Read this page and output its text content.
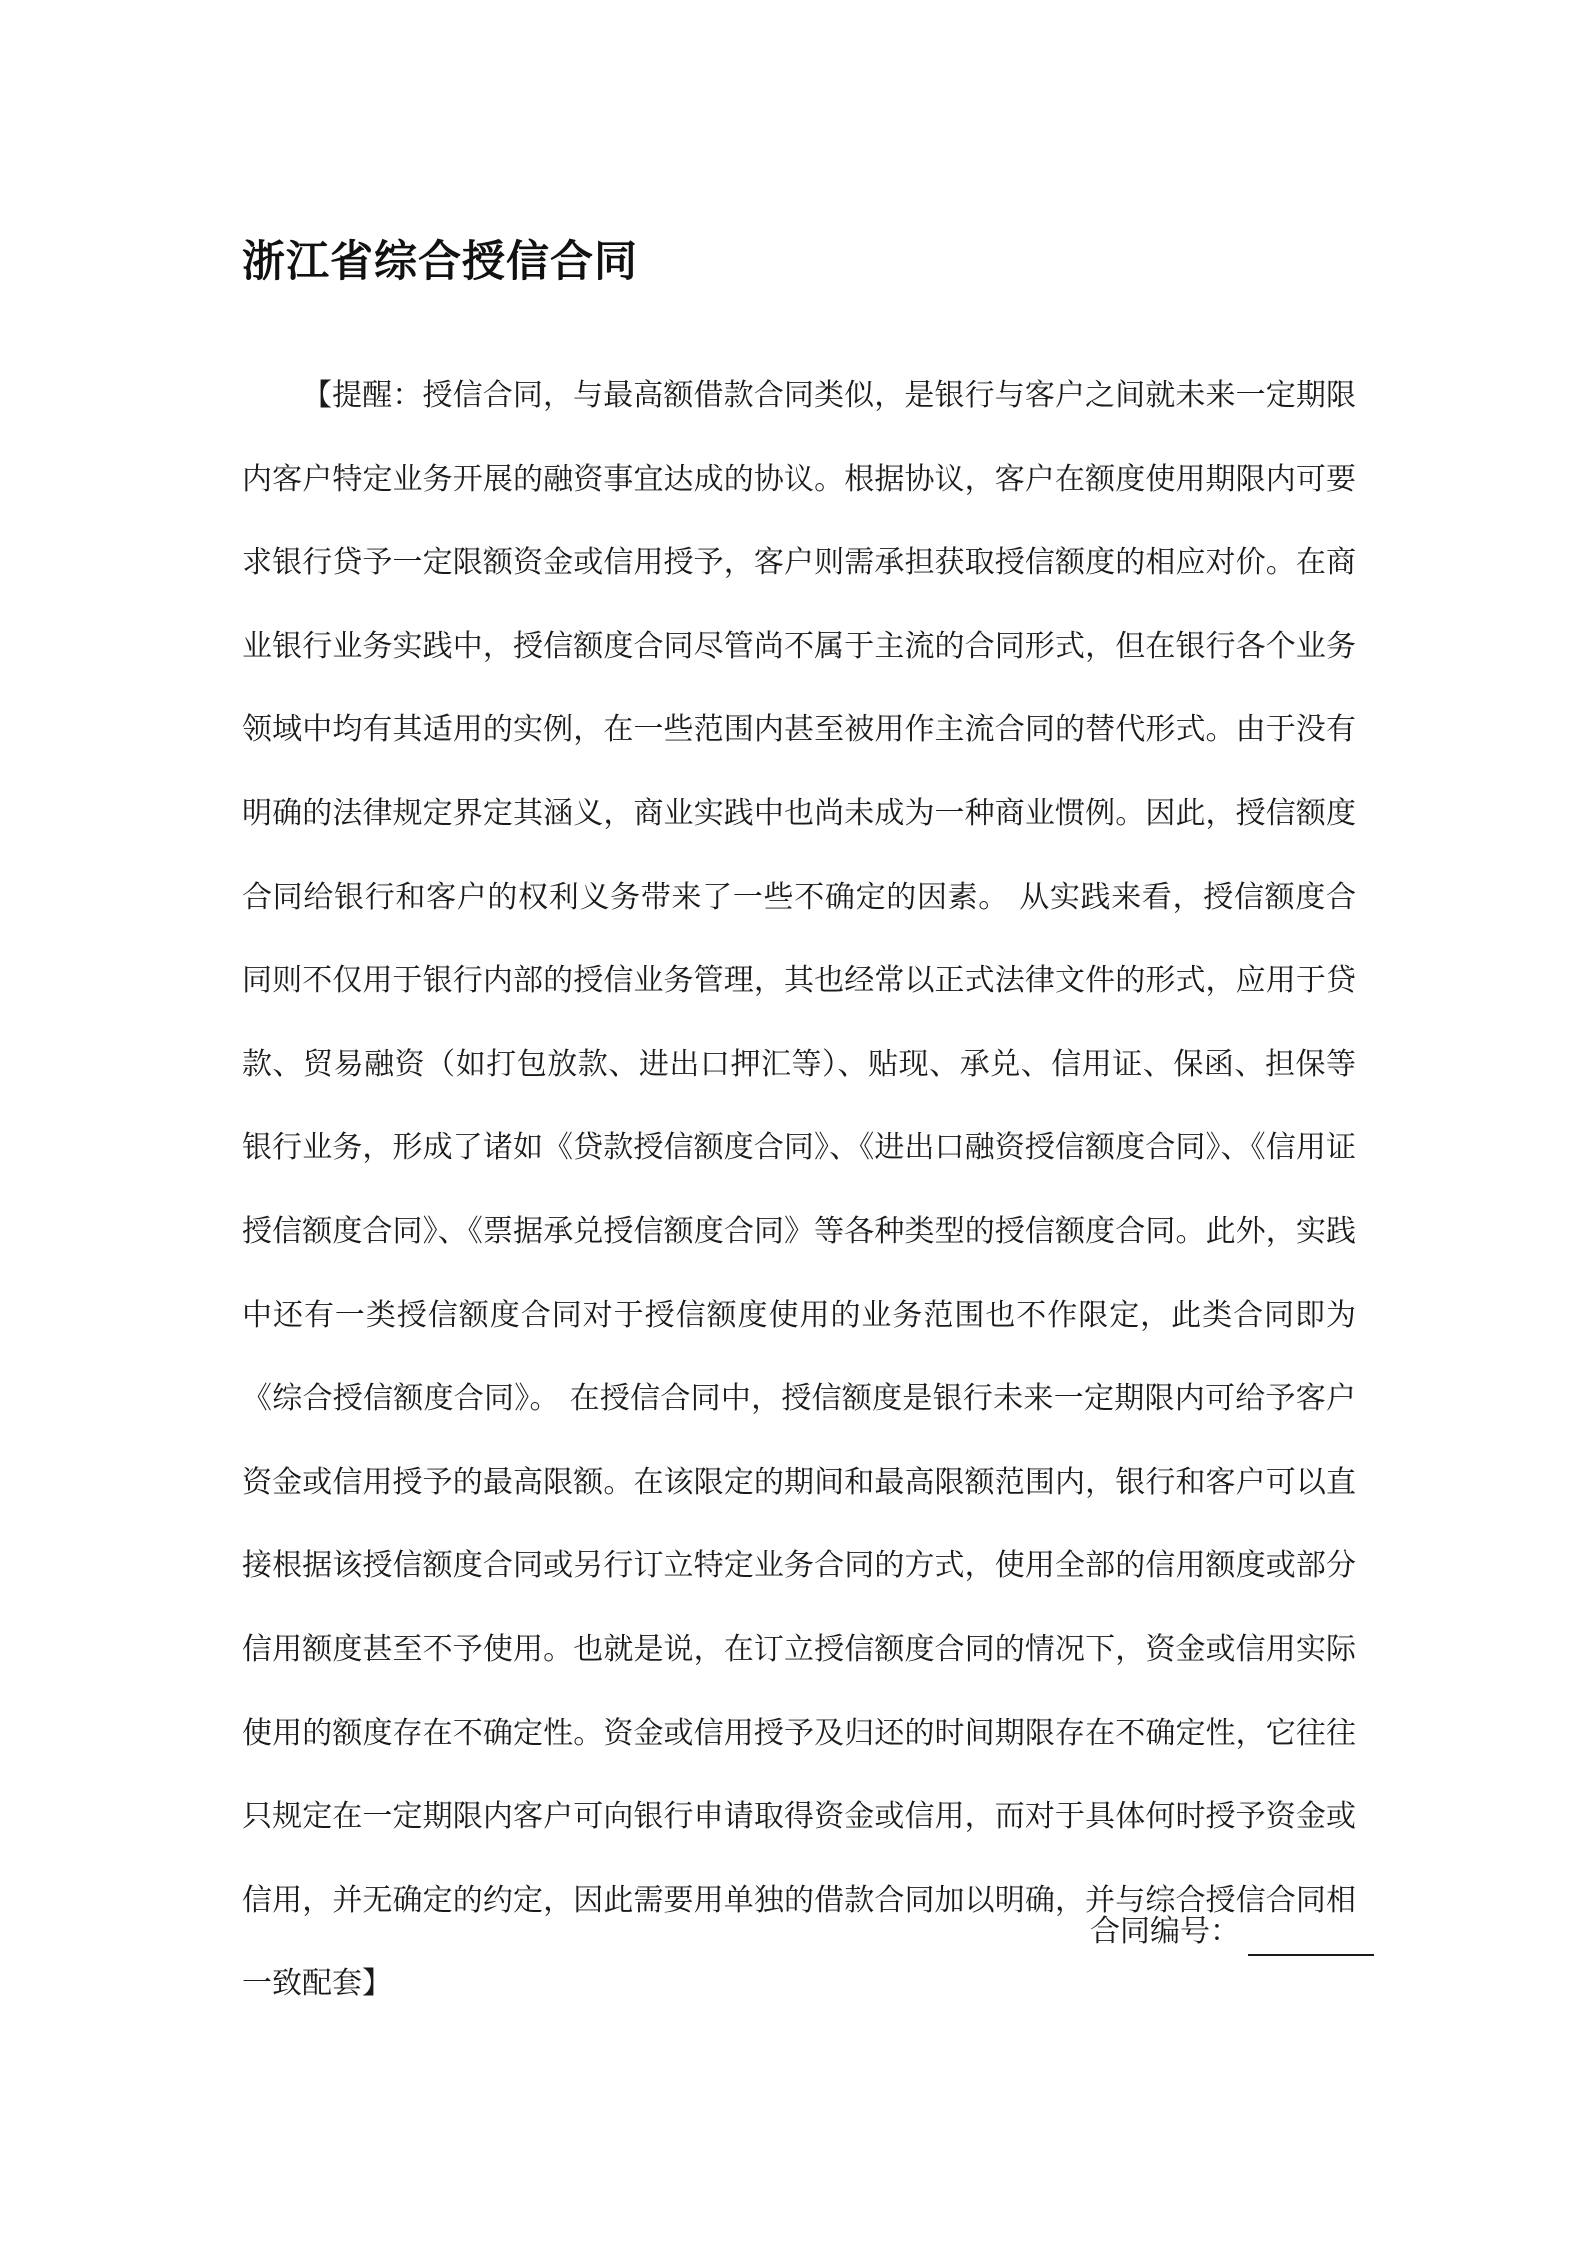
浙江省综合授信合同

【提醒：授信合同，与最高额借款合同类似，是银行与客户之间就未来一定期限内客户特定业务开展的融资事宜达成的协议。根据协议，客户在额度使用期限内可要求银行贷予一定限额资金或信用授予，客户则需承担获取授信额度的相应对价。在商业银行业务实践中，授信额度合同尽管尚不属于主流的合同形式，但在银行各个业务领域中均有其适用的实例，在一些范围内甚至被用作主流合同的替代形式。由于没有明确的法律规定界定其涵义，商业实践中也尚未成为一种商业惯例。因此，授信额度合同给银行和客户的权利义务带来了一些不确定的因素。 从实践来看，授信额度合同则不仅用于银行内部的授信业务管理，其也经常以正式法律文件的形式，应用于贷款、贸易融资（如打包放款、进出口押汇等）、贴现、承兑、信用证、保函、担保等银行业务，形成了诸如《贷款授信额度合同》、《进出口融资授信额度合同》、《信用证授信额度合同》、《票据承兑授信额度合同》等各种类型的授信额度合同。此外，实践中还有一类授信额度合同对于授信额度使用的业务范围也不作限定，此类合同即为《综合授信额度合同》。 在授信合同中，授信额度是银行未来一定期限内可给予客户资金或信用授予的最高限额。在该限定的期间和最高限额范围内，银行和客户可以直接根据该授信额度合同或另行订立特定业务合同的方式，使用全部的信用额度或部分信用额度甚至不予使用。也就是说，在订立授信额度合同的情况下，资金或信用实际使用的额度存在不确定性。资金或信用授予及归还的时间期限存在不确定性，它往往只规定在一定期限内客户可向银行申请取得资金或信用，而对于具体何时授予资金或信用，并无确定的约定，因此需要用单独的借款合同加以明确，并与综合授信合同相一致配套】

合同编号：
